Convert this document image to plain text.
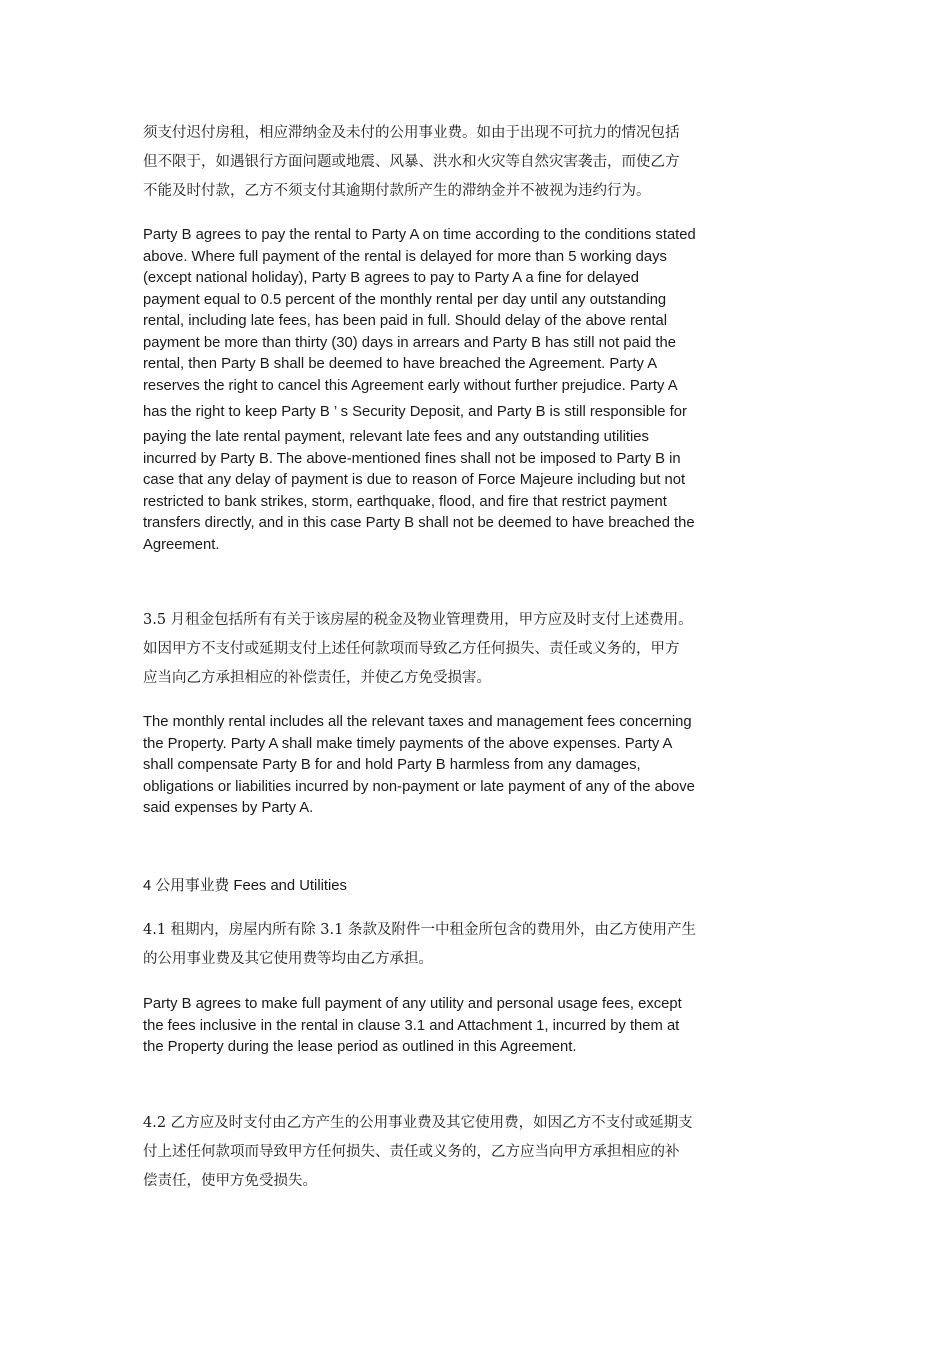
须支付迟付房租，相应滞纳金及未付的公用事业费。如由于出现不可抗力的情况包括
但不限于，如遇银行方面问题或地震、风暴、洪水和火灾等自然灾害袭击，而使乙方
不能及时付款，乙方不须支付其逾期付款所产生的滞纳金并不被视为违约行为。
Party B agrees to pay the rental to Party A on time according to the conditions stated
above. Where full payment of the rental is delayed for more than 5 working days
(except national holiday), Party B agrees to pay to Party A a fine for delayed
payment equal to 0.5 percent of the monthly rental per day until any outstanding
rental, including late fees, has been paid in full. Should delay of the above rental
payment be more than thirty (30) days in arrears and Party B has still not paid the
rental, then Party B shall be deemed to have breached the Agreement. Party A
reserves the right to cancel this Agreement early without further prejudice. Party A
has the right to keep Party B ’ s Security Deposit, and Party B is still responsible for
paying the late rental payment, relevant late fees and any outstanding utilities
incurred by Party B. The above-mentioned fines shall not be imposed to Party B in
case that any delay of payment is due to reason of Force Majeure including but not
restricted to bank strikes, storm, earthquake, flood, and fire that restrict payment
transfers directly, and in this case Party B shall not be deemed to have breached the
Agreement.
3.5 月租金包括所有有关于该房屋的税金及物业管理费用，甲方应及时支付上述费用。
如因甲方不支付或延期支付上述任何款项而导致乙方任何损失、责任或义务的，甲方
应当向乙方承担相应的补偿责任，并使乙方免受损害。
The monthly rental includes all the relevant taxes and management fees concerning
the Property. Party A shall make timely payments of the above expenses. Party A
shall compensate Party B for and hold Party B harmless from any damages,
obligations or liabilities incurred by non-payment or late payment of any of the above
said expenses by Party A.
4 公用事业费 Fees and Utilities
4.1 租期内，房屋内所有除 3.1 条款及附件一中租金所包含的费用外，由乙方使用产生
的公用事业费及其它使用费等均由乙方承担。
Party B agrees to make full payment of any utility and personal usage fees, except
the fees inclusive in the rental in clause 3.1 and Attachment 1, incurred by them at
the Property during the lease period as outlined in this Agreement.
4.2 乙方应及时支付由乙方产生的公用事业费及其它使用费，如因乙方不支付或延期支
付上述任何款项而导致甲方任何损失、责任或义务的，乙方应当向甲方承担相应的补
偿责任，使甲方免受损失。
